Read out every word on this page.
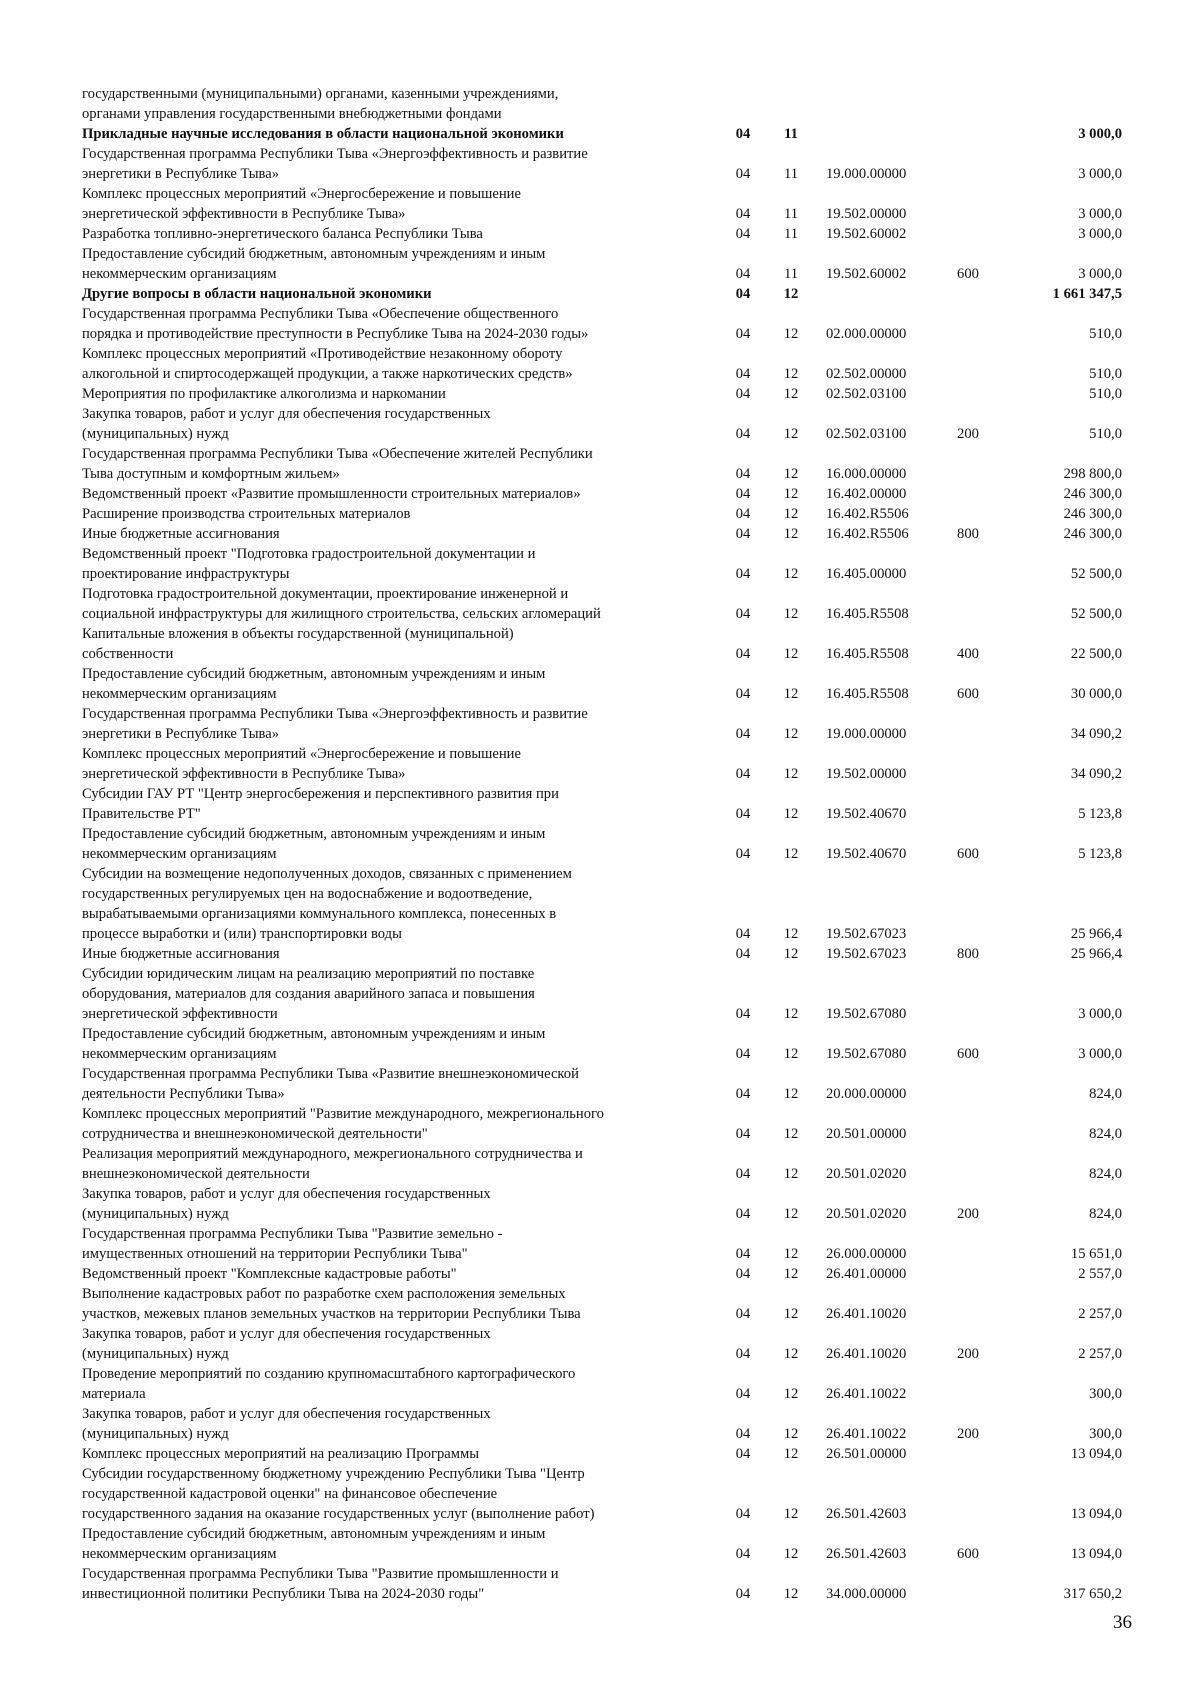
государственными (муниципальными) органами, казенными учреждениями,
органами управления государственными внебюджетными фондами
Прикладные научные исследования в области национальной экономики	04	11	3 000,0
Государственная программа Республики Тыва «Энергоэффективность и развитие
энергетики в Республике Тыва»	04	11	19.000.00000	3 000,0
Комплекс процессных мероприятий «Энергосбережение и повышение
энергетической эффективности в Республике Тыва»	04	11	19.502.00000	3 000,0
Разработка топливно-энергетического баланса Республики Тыва	04	11	19.502.60002	3 000,0
Предоставление субсидий бюджетным, автономным учреждениям и иным
некоммерческим организациям	04	11	19.502.60002	600	3 000,0
Другие вопросы в области национальной экономики	04	12	1 661 347,5
Государственная программа Республики Тыва «Обеспечение общественного
порядка и противодействие преступности в Республике Тыва на 2024-2030 годы»	04	12	02.000.00000	510,0
Комплекс процессных мероприятий «Противодействие незаконному обороту
алкогольной и спиртосодержащей продукции, а также наркотических средств»	04	12	02.502.00000	510,0
Мероприятия по профилактике алкоголизма и наркомании	04	12	02.502.03100	510,0
Закупка товаров, работ и услуг для обеспечения государственных
(муниципальных) нужд	04	12	02.502.03100	200	510,0
Государственная программа Республики Тыва «Обеспечение жителей Республики
Тыва доступным и комфортным жильем»	04	12	16.000.00000	298 800,0
Ведомственный проект «Развитие промышленности строительных материалов»	04	12	16.402.00000	246 300,0
Расширение производства строительных материалов	04	12	16.402.R5506	246 300,0
Иные бюджетные ассигнования	04	12	16.402.R5506	800	246 300,0
Ведомственный проект "Подготовка градостроительной документации и
проектирование инфраструктуры	04	12	16.405.00000	52 500,0
Подготовка градостроительной документации, проектирование инженерной и
социальной инфраструктуры для жилищного строительства, сельских агломераций	04	12	16.405.R5508	52 500,0
Капитальные вложения в объекты государственной (муниципальной)
собственности	04	12	16.405.R5508	400	22 500,0
Предоставление субсидий бюджетным, автономным учреждениям и иным
некоммерческим организациям	04	12	16.405.R5508	600	30 000,0
Государственная программа Республики Тыва «Энергоэффективность и развитие
энергетики в Республике Тыва»	04	12	19.000.00000	34 090,2
Комплекс процессных мероприятий «Энергосбережение и повышение
энергетической эффективности в Республике Тыва»	04	12	19.502.00000	34 090,2
Субсидии ГАУ РТ "Центр энергосбережения и перспективного развития при
Правительстве РТ"	04	12	19.502.40670	5 123,8
Предоставление субсидий бюджетным, автономным учреждениям и иным
некоммерческим организациям	04	12	19.502.40670	600	5 123,8
Субсидии на возмещение недополученных доходов, связанных с применением
государственных регулируемых цен на водоснабжение и водоотведение,
вырабатываемыми организациями коммунального комплекса, понесенных в
процессе выработки и (или) транспортировки воды	04	12	19.502.67023	25 966,4
Иные бюджетные ассигнования	04	12	19.502.67023	800	25 966,4
Субсидии юридическим лицам на реализацию мероприятий по поставке
оборудования, материалов для создания аварийного запаса и повышения
энергетической эффективности	04	12	19.502.67080	3 000,0
Предоставление субсидий бюджетным, автономным учреждениям и иным
некоммерческим организациям	04	12	19.502.67080	600	3 000,0
Государственная программа Республики Тыва «Развитие внешнеэкономической
деятельности Республики Тыва»	04	12	20.000.00000	824,0
Комплекс процессных мероприятий "Развитие международного, межрегионального
сотрудничества и внешнеэкономической деятельности"	04	12	20.501.00000	824,0
Реализация мероприятий международного, межрегионального сотрудничества и
внешнеэкономической деятельности	04	12	20.501.02020	824,0
Закупка товаров, работ и услуг для обеспечения государственных
(муниципальных) нужд	04	12	20.501.02020	200	824,0
Государственная программа Республики Тыва "Развитие земельно -
имущественных отношений на территории Республики Тыва"	04	12	26.000.00000	15 651,0
Ведомственный проект "Комплексные кадастровые работы"	04	12	26.401.00000	2 557,0
Выполнение кадастровых работ по разработке схем расположения земельных
участков, межевых планов земельных участков на территории Республики Тыва	04	12	26.401.10020	2 257,0
Закупка товаров, работ и услуг для обеспечения государственных
(муниципальных) нужд	04	12	26.401.10020	200	2 257,0
Проведение мероприятий по созданию крупномасштабного картографического
материала	04	12	26.401.10022	300,0
Закупка товаров, работ и услуг для обеспечения государственных
(муниципальных) нужд	04	12	26.401.10022	200	300,0
Комплекс процессных мероприятий на реализацию Программы	04	12	26.501.00000	13 094,0
Субсидии государственному бюджетному учреждению Республики Тыва "Центр
государственной кадастровой оценки" на финансовое обеспечение
государственного задания на оказание государственных услуг (выполнение работ)	04	12	26.501.42603	13 094,0
Предоставление субсидий бюджетным, автономным учреждениям и иным
некоммерческим организациям	04	12	26.501.42603	600	13 094,0
Государственная программа Республики Тыва "Развитие промышленности и
инвестиционной политики Республики Тыва на 2024-2030 годы"	04	12	34.000.00000	317 650,2
36
